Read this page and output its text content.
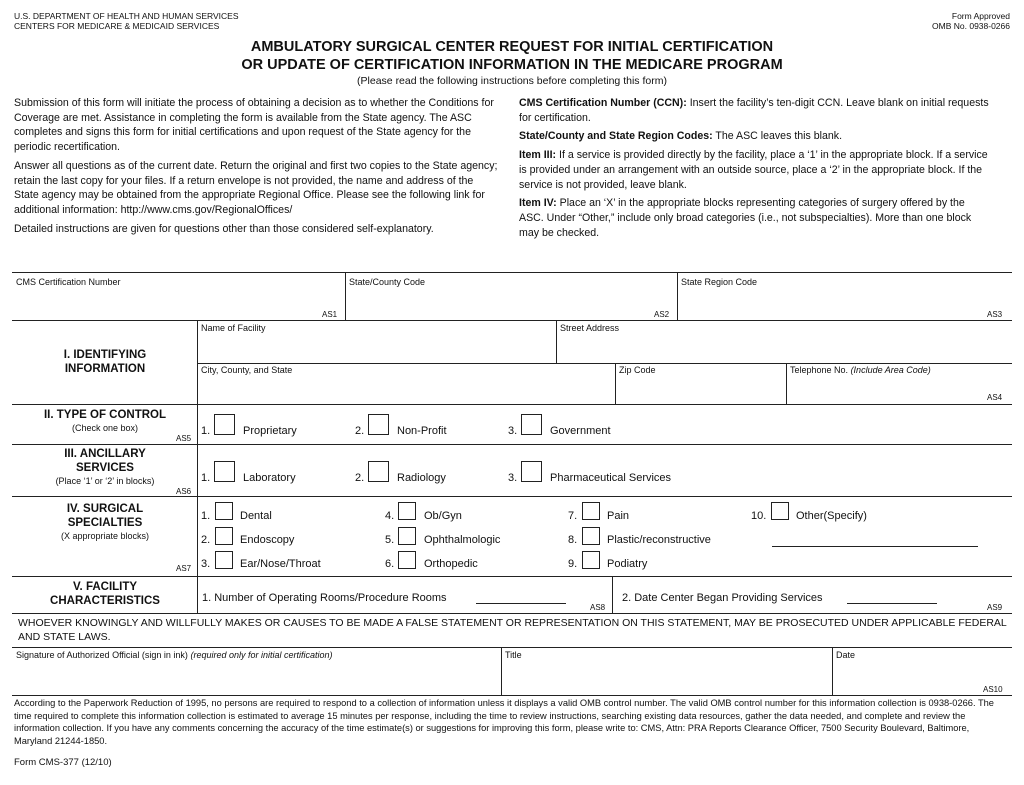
U.S. DEPARTMENT OF HEALTH AND HUMAN SERVICES
CENTERS FOR MEDICARE & MEDICAID SERVICES
Form Approved
OMB No. 0938-0266
AMBULATORY SURGICAL CENTER REQUEST FOR INITIAL CERTIFICATION
OR UPDATE OF CERTIFICATION INFORMATION IN THE MEDICARE PROGRAM
(Please read the following instructions before completing this form)

Submission of this form will initiate the process of obtaining a decision as to whether the Conditions for Coverage are met. Assistance in completing the form is available from the State agency. The ASC completes and signs this form for initial certifications and upon request of the State agency for the periodic recertification.

Answer all questions as of the current date. Return the original and first two copies to the State agency; retain the last copy for your files. If a return envelope is not provided, the name and address of the State agency may be obtained from the appropriate Regional Office. Please see the following link for additional information: http://www.cms.gov/RegionalOffices/

Detailed instructions are given for questions other than those considered self-explanatory.

CMS Certification Number (CCN): Insert the facility’s ten-digit CCN. Leave blank on initial requests for certification.

State/County and State Region Codes: The ASC leaves this blank.

Item III: If a service is provided directly by the facility, place a ‘1’ in the appropriate block. If a service is provided under an arrangement with an outside source, place a ‘2’ in the appropriate block. If the service is not provided, leave blank.

Item IV: Place an ‘X’ in the appropriate blocks representing categories of surgery offered by the ASC. Under “Other,” include only broad categories (i.e., not subspecialties). More than one block may be checked.

CMS Certification Number
AS1
State/County Code
AS2
State Region Code
AS3
I. IDENTIFYING INFORMATION
Name of Facility	Street Address
City, County, and State	Zip Code	Telephone No. (Include Area Code)
AS4
II. TYPE OF CONTROL
(Check one box)
AS5
1.	Proprietary	2.	Non-Profit	3.	Government
III. ANCILLARY SERVICES
(Place ‘1’ or ‘2’ in blocks)
AS6
1.	Laboratory	2.	Radiology	3.	Pharmaceutical Services
IV. SURGICAL SPECIALTIES
(X appropriate blocks)
AS7
1.	Dental
2.	Endoscopy
3.	Ear/Nose/Throat
4.	Ob/Gyn
5.	Ophthalmologic
6.	Orthopedic
7.	Pain
8.	Plastic/reconstructive
9.	Podiatry
10.	Other(Specify)
V. FACILITY CHARACTERISTICS	1. Number of Operating Rooms/Procedure Rooms
AS8
2. Date Center Began Providing Services
AS9
WHOEVER KNOWINGLY AND WILLFULLY MAKES OR CAUSES TO BE MADE A FALSE STATEMENT OR REPRESENTATION ON THIS STATEMENT, MAY BE PROSECUTED UNDER APPLICABLE FEDERAL AND STATE LAWS.
Signature of Authorized Official (sign in ink) (required only for initial certification)	Title	Date
AS10
According to the Paperwork Reduction of 1995, no persons are required to respond to a collection of information unless it displays a valid OMB control number. The valid OMB control number for this information collection is 0938-0266. The time required to complete this information collection is estimated to average 15 minutes per response, including the time to review instructions, searching existing data resources, gather the data needed, and complete and review the information collection. If you have any comments concerning the accuracy of the time estimate(s) or suggestions for improving this form, please write to: CMS, Attn: PRA Reports Clearance Officer, 7500 Security Boulevard, Baltimore, Maryland 21244-1850.
Form CMS-377 (12/10)
